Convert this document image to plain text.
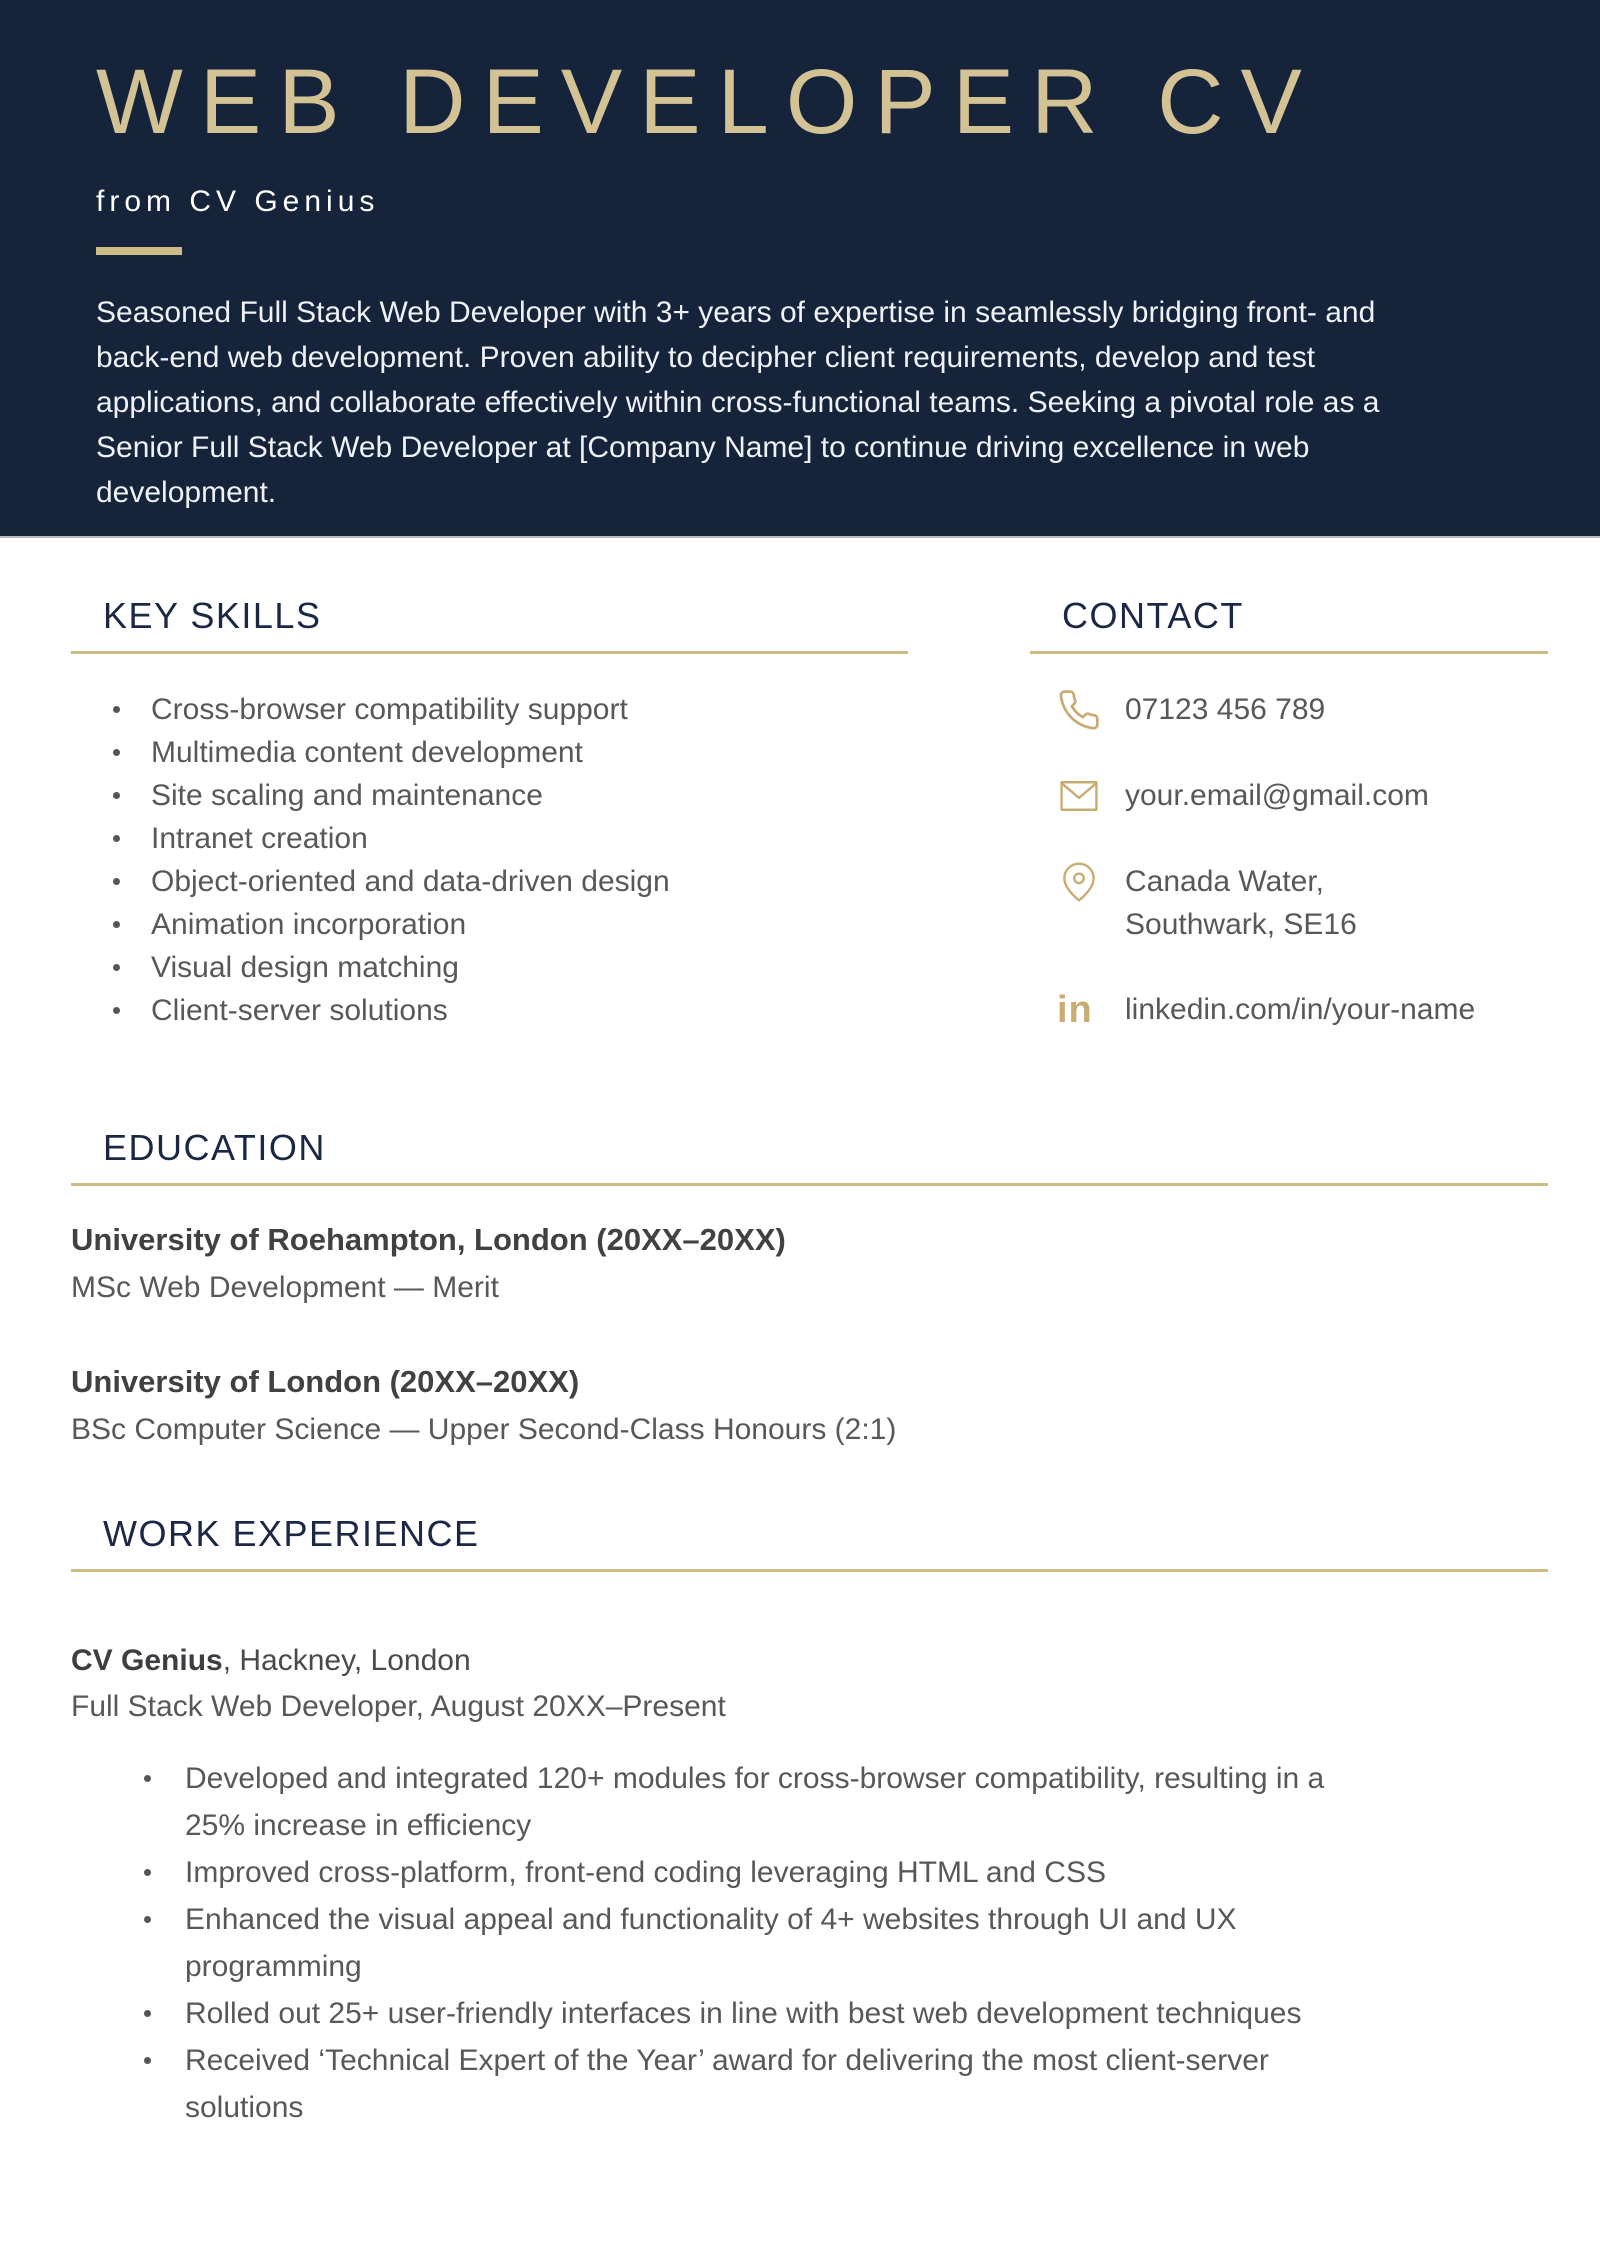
WEB DEVELOPER CV
from CV Genius

Seasoned Full Stack Web Developer with 3+ years of expertise in seamlessly bridging front- and
back-end web development. Proven ability to decipher client requirements, develop and test
applications, and collaborate effectively within cross-functional teams. Seeking a pivotal role as a
Senior Full Stack Web Developer at [Company Name] to continue driving excellence in web
development.

KEY SKILLS
Cross-browser compatibility support
Multimedia content development
Site scaling and maintenance
Intranet creation
Object-oriented and data-driven design
Animation incorporation
Visual design matching
Client-server solutions
CONTACT
07123 456 789
your.email@gmail.com
Canada Water,
Southwark, SE16
in linkedin.com/in/your-name
EDUCATION
University of Roehampton, London (20XX–20XX)
MSc Web Development — Merit
University of London (20XX–20XX)
BSc Computer Science — Upper Second-Class Honours (2:1)
WORK EXPERIENCE
CV Genius, Hackney, London
Full Stack Web Developer, August 20XX–Present
Developed and integrated 120+ modules for cross-browser compatibility, resulting in a
25% increase in efficiency
Improved cross-platform, front-end coding leveraging HTML and CSS
Enhanced the visual appeal and functionality of 4+ websites through UI and UX
programming
Rolled out 25+ user-friendly interfaces in line with best web development techniques
Received ‘Technical Expert of the Year’ award for delivering the most client-server
solutions
